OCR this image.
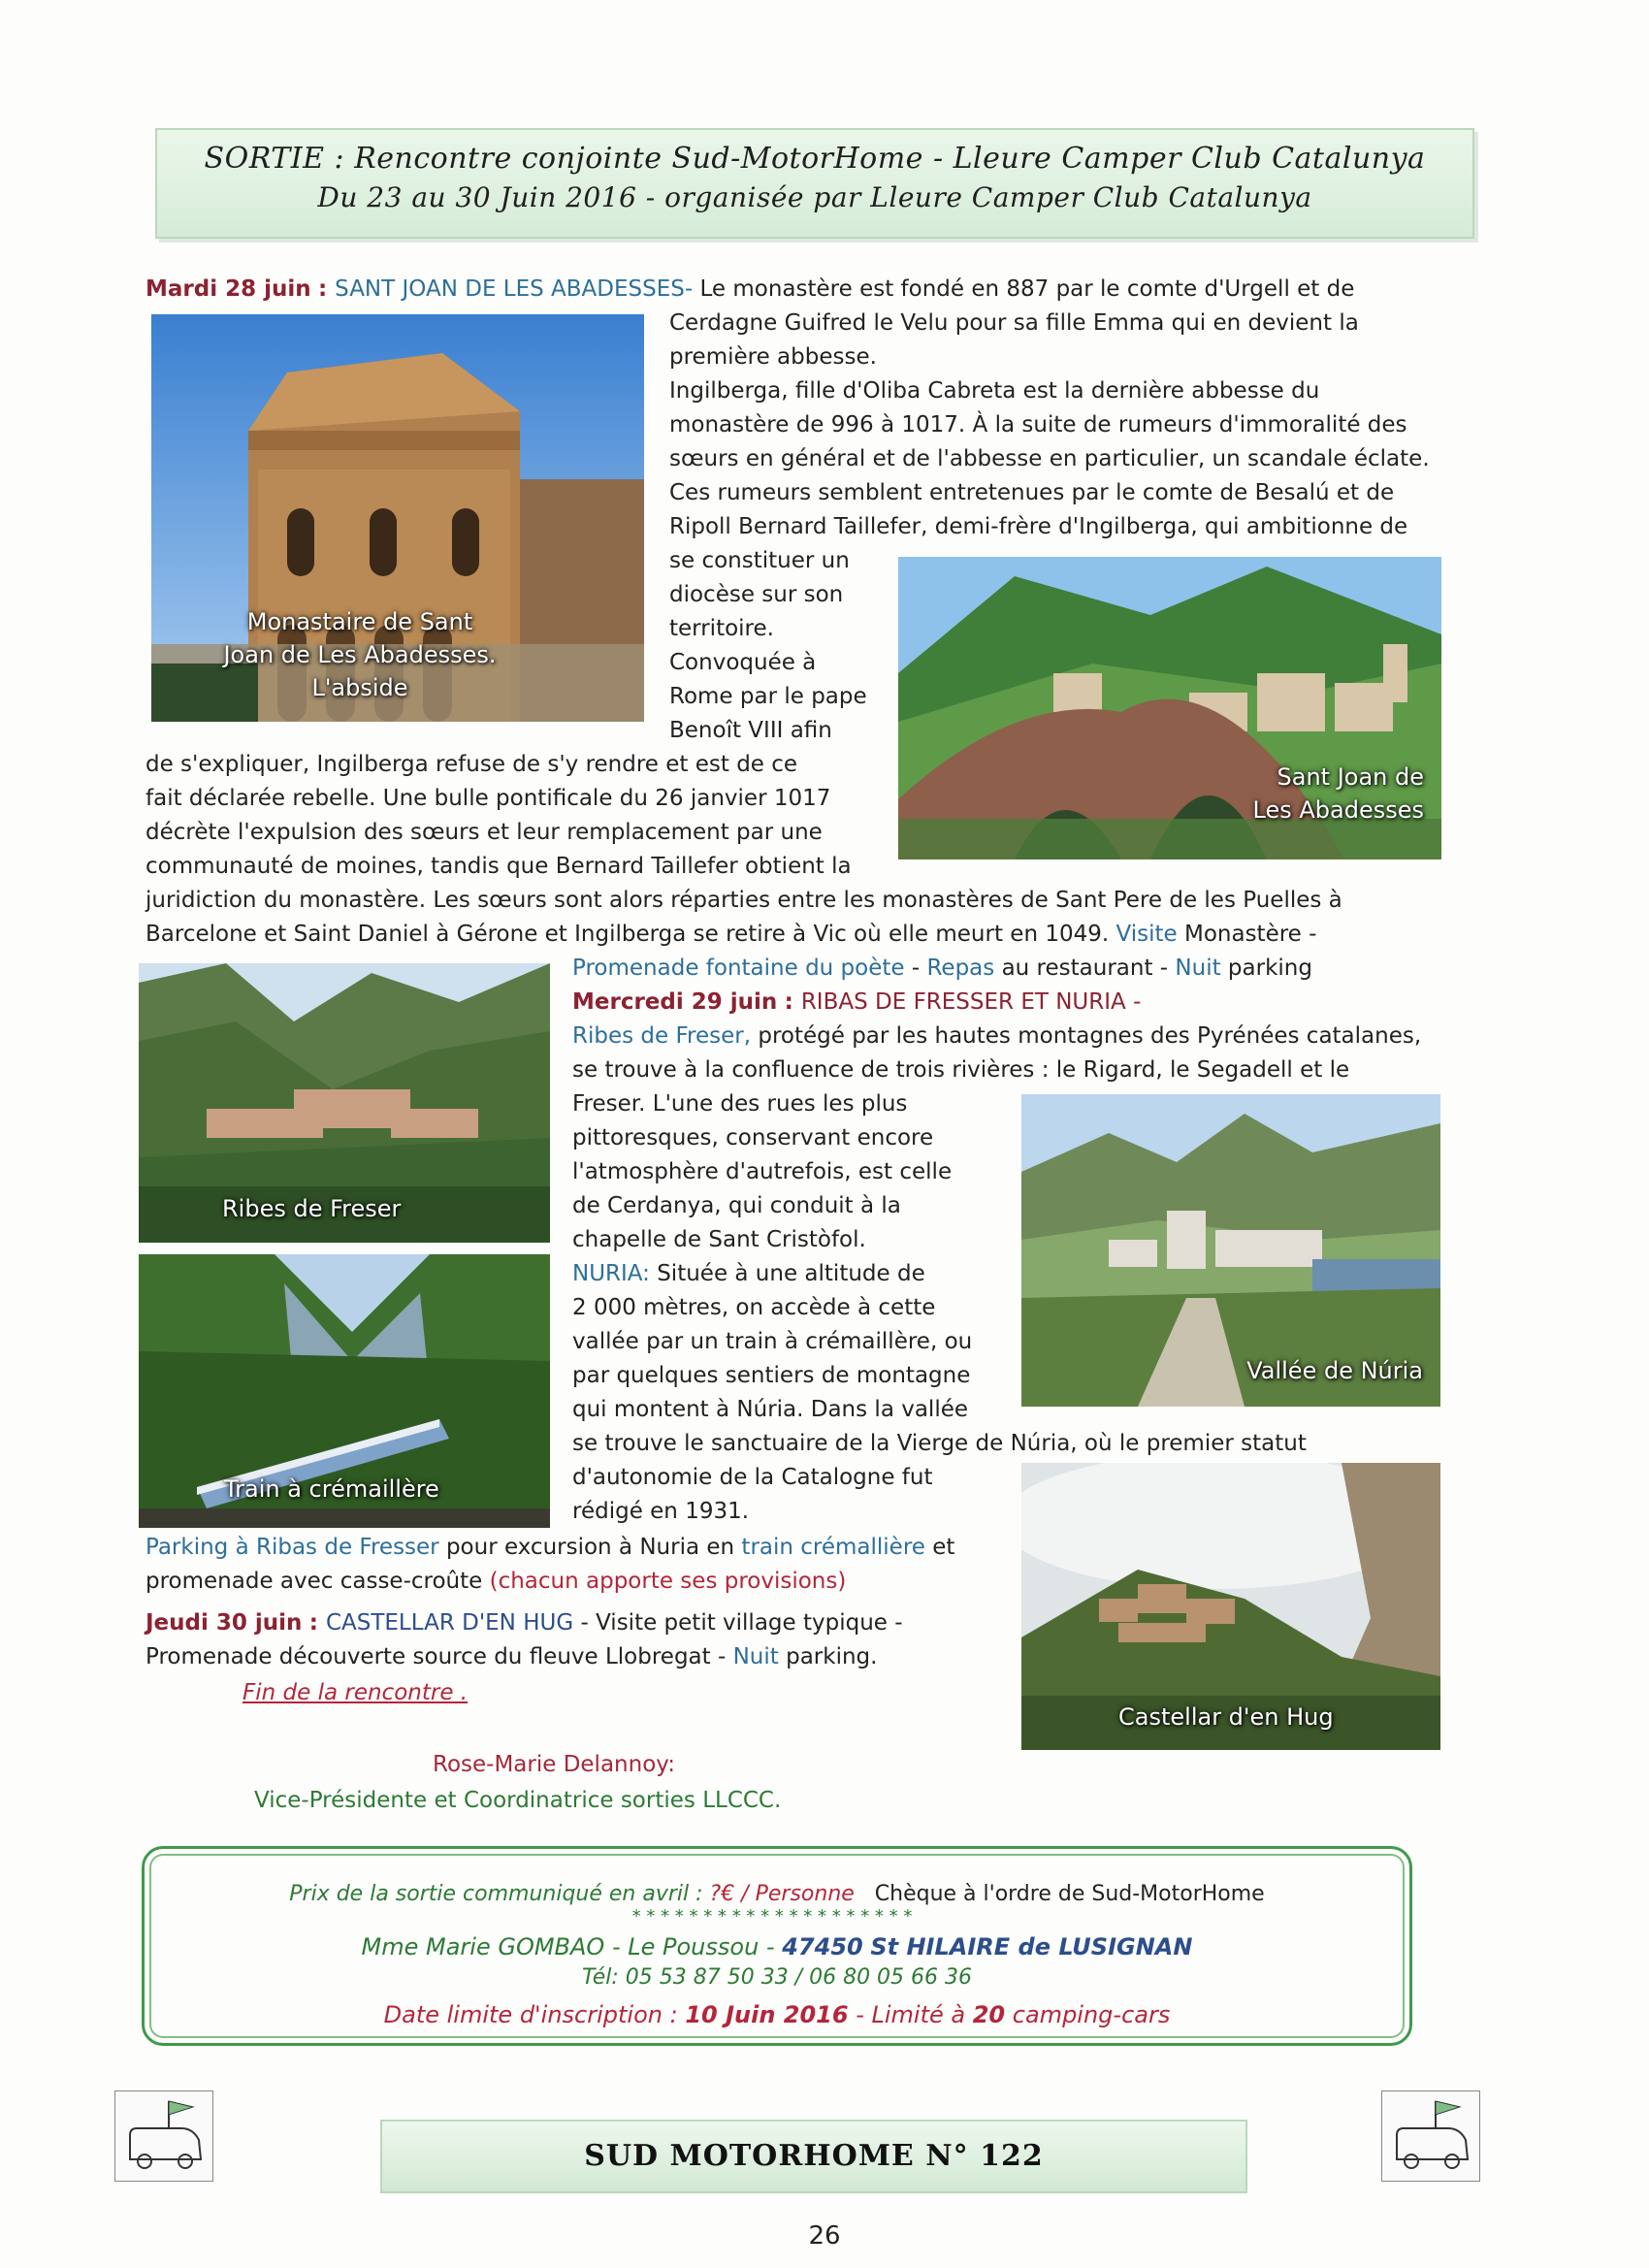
SORTIE : Rencontre conjointe Sud-MotorHome - Lleure Camper Club Catalunya
Du 23 au 30 Juin 2016 - organisée par Lleure Camper Club Catalunya
Mardi 28 juin : SANT JOAN DE LES ABADESSES- Le monastère est fondé en 887 par le comte d'Urgell et de
Cerdagne Guifred le Velu pour sa fille Emma qui en devient la
première abbesse.
Ingilberga, fille d'Oliba Cabreta est la dernière abbesse du
monastère de 996 à 1017. À la suite de rumeurs d'immoralité des
sœurs en général et de l'abbesse en particulier, un scandale éclate.
Ces rumeurs semblent entretenues par le comte de Besalú et de
Ripoll Bernard Taillefer, demi-frère d'Ingilberga, qui ambitionne de
se constituer un
diocèse sur son
territoire.
Convoquée à
Rome par le pape
Benoît VIII afin
de s'expliquer, Ingilberga refuse de s'y rendre et est de ce
fait déclarée rebelle. Une bulle pontificale du 26 janvier 1017
décrète l'expulsion des sœurs et leur remplacement par une
communauté de moines, tandis que Bernard Taillefer obtient la
juridiction du monastère. Les sœurs sont alors réparties entre les monastères de Sant Pere de les Puelles à
Barcelone et Saint Daniel à Gérone et Ingilberga se retire à Vic où elle meurt en 1049. Visite Monastère -
Promenade fontaine du poète - Repas au restaurant - Nuit parking
Monastaire de Sant
Joan de Les Abadesses.
L'abside
Sant Joan de
Les Abadesses
Mercredi 29 juin : RIBAS DE FRESSER ET NURIA -
Ribes de Freser, protégé par les hautes montagnes des Pyrénées catalanes,
se trouve à la confluence de trois rivières : le Rigard, le Segadell et le
Freser. L'une des rues les plus
pittoresques, conservant encore
l'atmosphère d'autrefois, est celle
de Cerdanya, qui conduit à la
chapelle de Sant Cristòfol.
NURIA: Située à une altitude de
2 000 mètres, on accède à cette
vallée par un train à crémaillère, ou
par quelques sentiers de montagne
qui montent à Núria. Dans la vallée
se trouve le sanctuaire de la Vierge de Núria, où le premier statut
d'autonomie de la Catalogne fut
rédigé en 1931.
Parking à Ribas de Fresser pour excursion à Nuria en train crémallière et
promenade avec casse-croûte (chacun apporte ses provisions)
Ribes de Freser
Train à crémaillère
Vallée de Núria
Castellar d'en Hug
Jeudi 30 juin : CASTELLAR D'EN HUG - Visite petit village typique -
Promenade découverte source du fleuve Llobregat - Nuit parking.
Fin de la rencontre .
Rose-Marie Delannoy:
Vice-Présidente et Coordinatrice sorties LLCCC.
Prix de la sortie communiqué en avril : ?€ / Personne Chèque à l'ordre de Sud-MotorHome
* * * * * * * * * * * * * * * * * * * *
Mme Marie GOMBAO - Le Poussou - 47450 St HILAIRE de LUSIGNAN
Tél: 05 53 87 50 33 / 06 80 05 66 36
Date limite d'inscription : 10 Juin 2016 - Limité à 20 camping-cars
SUD MOTORHOME N° 122
26
